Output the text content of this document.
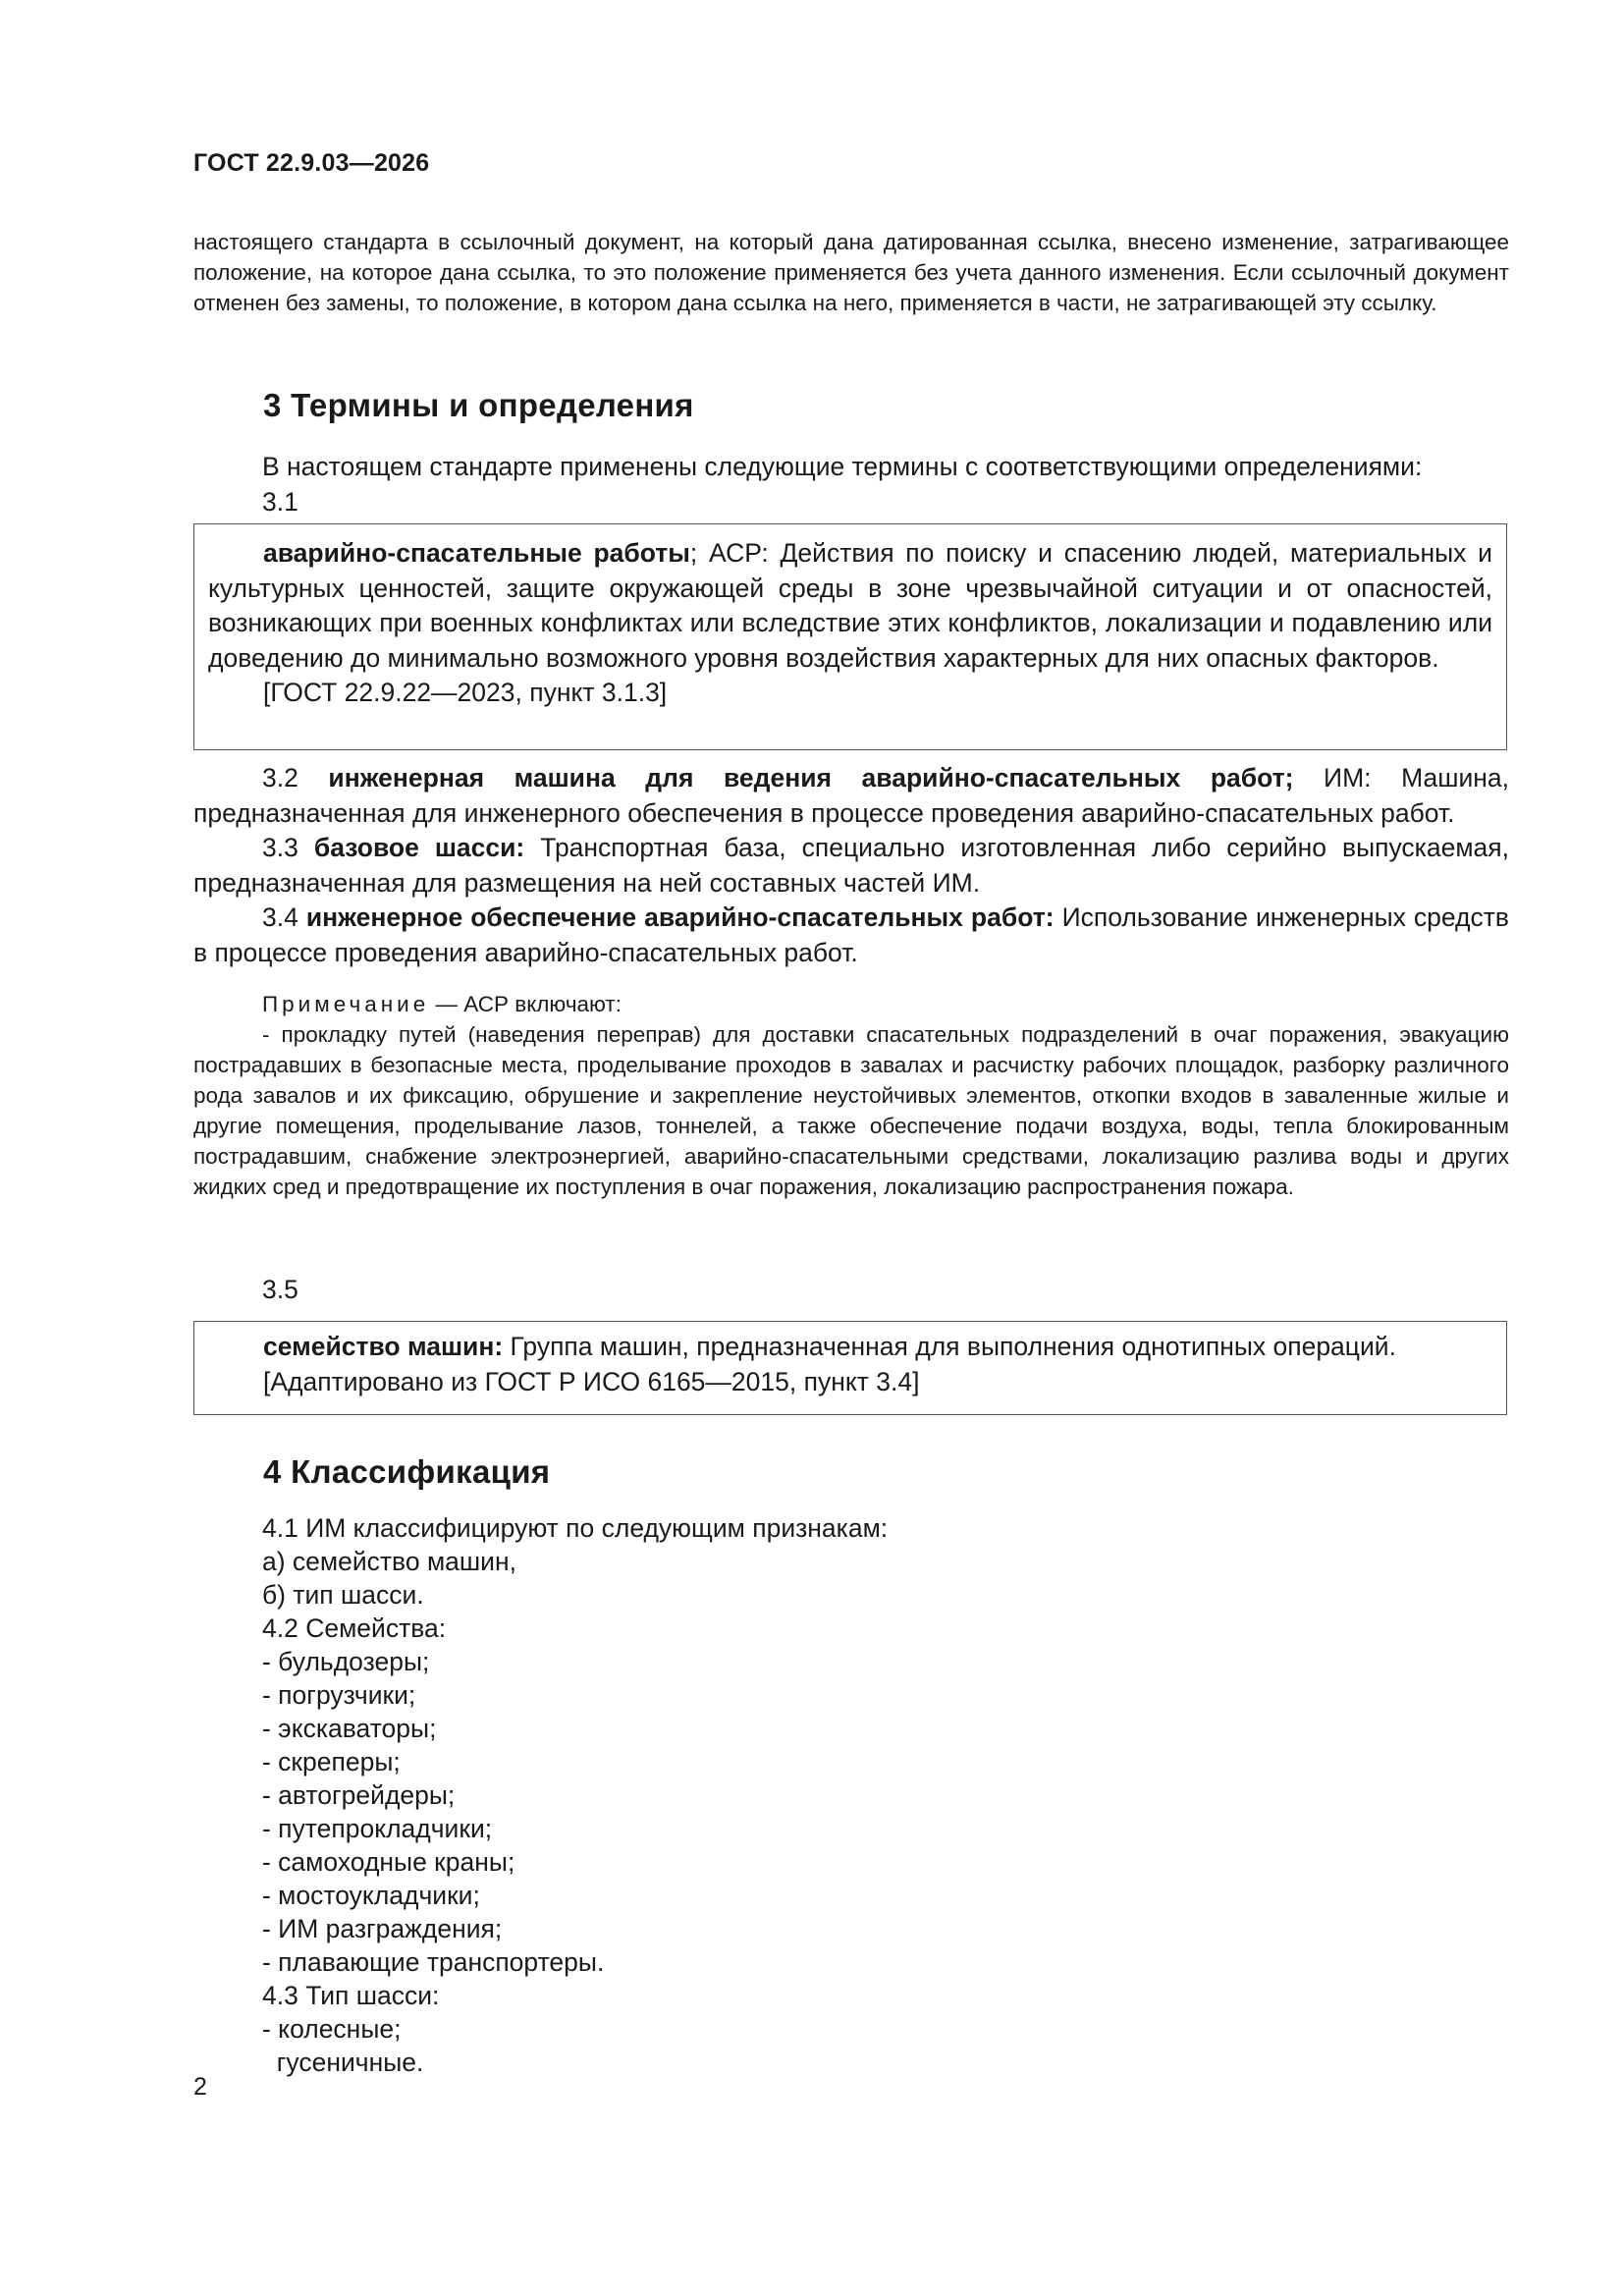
ГОСТ 22.9.03—2026

настоящего стандарта в ссылочный документ, на который дана датированная ссылка, внесено изменение, затрагивающее положение, на которое дана ссылка, то это положение применяется без учета данного изменения. Если ссылочный документ отменен без замены, то положение, в котором дана ссылка на него, применяется в части, не затрагивающей эту ссылку.

3 Термины и определения

В настоящем стандарте применены следующие термины с соответствующими определениями:

3.1

аварийно-спасательные работы; АСР: Действия по поиску и спасению людей, материальных и культурных ценностей, защите окружающей среды в зоне чрезвычайной ситуации и от опасностей, возникающих при военных конфликтах или вследствие этих конфликтов, локализации и подавлению или доведению до минимально возможного уровня воздействия характерных для них опасных факторов.

[ГОСТ 22.9.22—2023, пункт 3.1.3]

3.2 инженерная машина для ведения аварийно-спасательных работ; ИМ: Машина, предназначенная для инженерного обеспечения в процессе проведения аварийно-спасательных работ.

3.3 базовое шасси: Транспортная база, специально изготовленная либо серийно выпускаемая, предназначенная для размещения на ней составных частей ИМ.

3.4 инженерное обеспечение аварийно-спасательных работ: Использование инженерных средств в процессе проведения аварийно-спасательных работ.

Примечание — АСР включают:

- прокладку путей (наведения переправ) для доставки спасательных подразделений в очаг поражения, эвакуацию пострадавших в безопасные места, проделывание проходов в завалах и расчистку рабочих площадок, разборку различного рода завалов и их фиксацию, обрушение и закрепление неустойчивых элементов, откопки входов в заваленные жилые и другие помещения, проделывание лазов, тоннелей, а также обеспечение подачи воздуха, воды, тепла блокированным пострадавшим, снабжение электроэнергией, аварийно-спасательными средствами, локализацию разлива воды и других жидких сред и предотвращение их поступления в очаг поражения, локализацию распространения пожара.

3.5

семейство машин: Группа машин, предназначенная для выполнения однотипных операций.

[Адаптировано из ГОСТ Р ИСО 6165—2015, пункт 3.4]

4 Классификация
4.1 ИМ классифицируют по следующим признакам:
а) семейство машин,
б) тип шасси.
4.2 Семейства:
- бульдозеры;
- погрузчики;
- экскаваторы;
- скреперы;
- автогрейдеры;
- путепрокладчики;
- самоходные краны;
- мостоукладчики;
- ИМ разграждения;
- плавающие транспортеры.
4.3 Тип шасси:
- колесные;
гусеничные.
2
